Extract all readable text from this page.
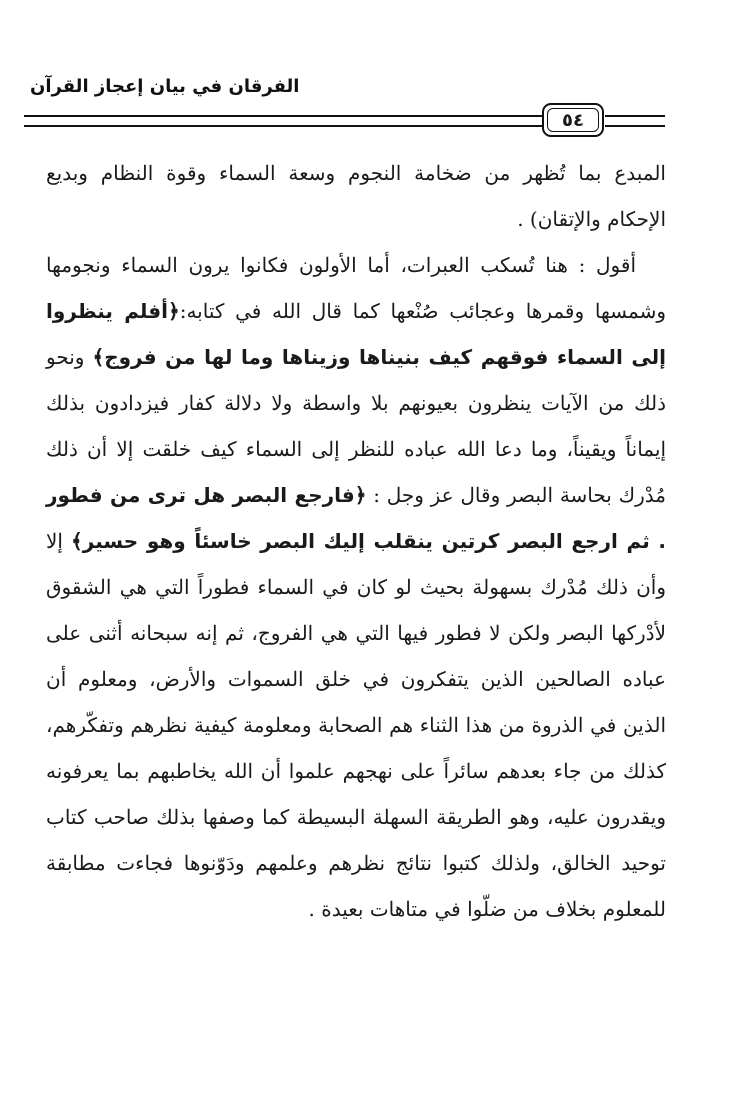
الفرقان في بيان إعجاز القرآن
٥٤

المبدع بما تُظهر من ضخامة النجوم وسعة السماء وقوة النظام وبديع الإحكام والإتقان) .

أقول : هنا تُسكب العبرات، أما الأولون فكانوا يرون السماء ونجومها وشمسها وقمرها وعجائب صُنْعها كما قال الله في كتابه:﴿أفلم ينظروا إلى السماء فوقهم كيف بنيناها وزيناها وما لها من فروج﴾ ونحو ذلك من الآيات ينظرون بعيونهم بلا واسطة ولا دلالة كفار فيزدادون بذلك إيماناً ويقيناً، وما دعا الله عباده للنظر إلى السماء كيف خلقت إلا أن ذلك مُدْرك بحاسة البصر وقال عز وجل : ﴿فارجع البصر هل ترى من فطور . ثم ارجع البصر كرتين ينقلب إليك البصر خاسئاً وهو حسير﴾ إلا وأن ذلك مُدْرك بسهولة بحيث لو كان في السماء فطوراً التي هي الشقوق لأدْركها البصر ولكن لا فطور فيها التي هي الفروج، ثم إنه سبحانه أثنى على عباده الصالحين الذين يتفكرون في خلق السموات والأرض، ومعلوم أن الذين في الذروة من هذا الثناء هم الصحابة ومعلومة كيفية نظرهم وتفكّرهم، كذلك من جاء بعدهم سائراً على نهجهم علموا أن الله يخاطبهم بما يعرفونه ويقدرون عليه، وهو الطريقة السهلة البسيطة كما وصفها بذلك صاحب كتاب توحيد الخالق، ولذلك كتبوا نتائج نظرهم وعلمهم ودَوّنوها فجاءت مطابقة للمعلوم بخلاف من ضلّوا في متاهات بعيدة .
